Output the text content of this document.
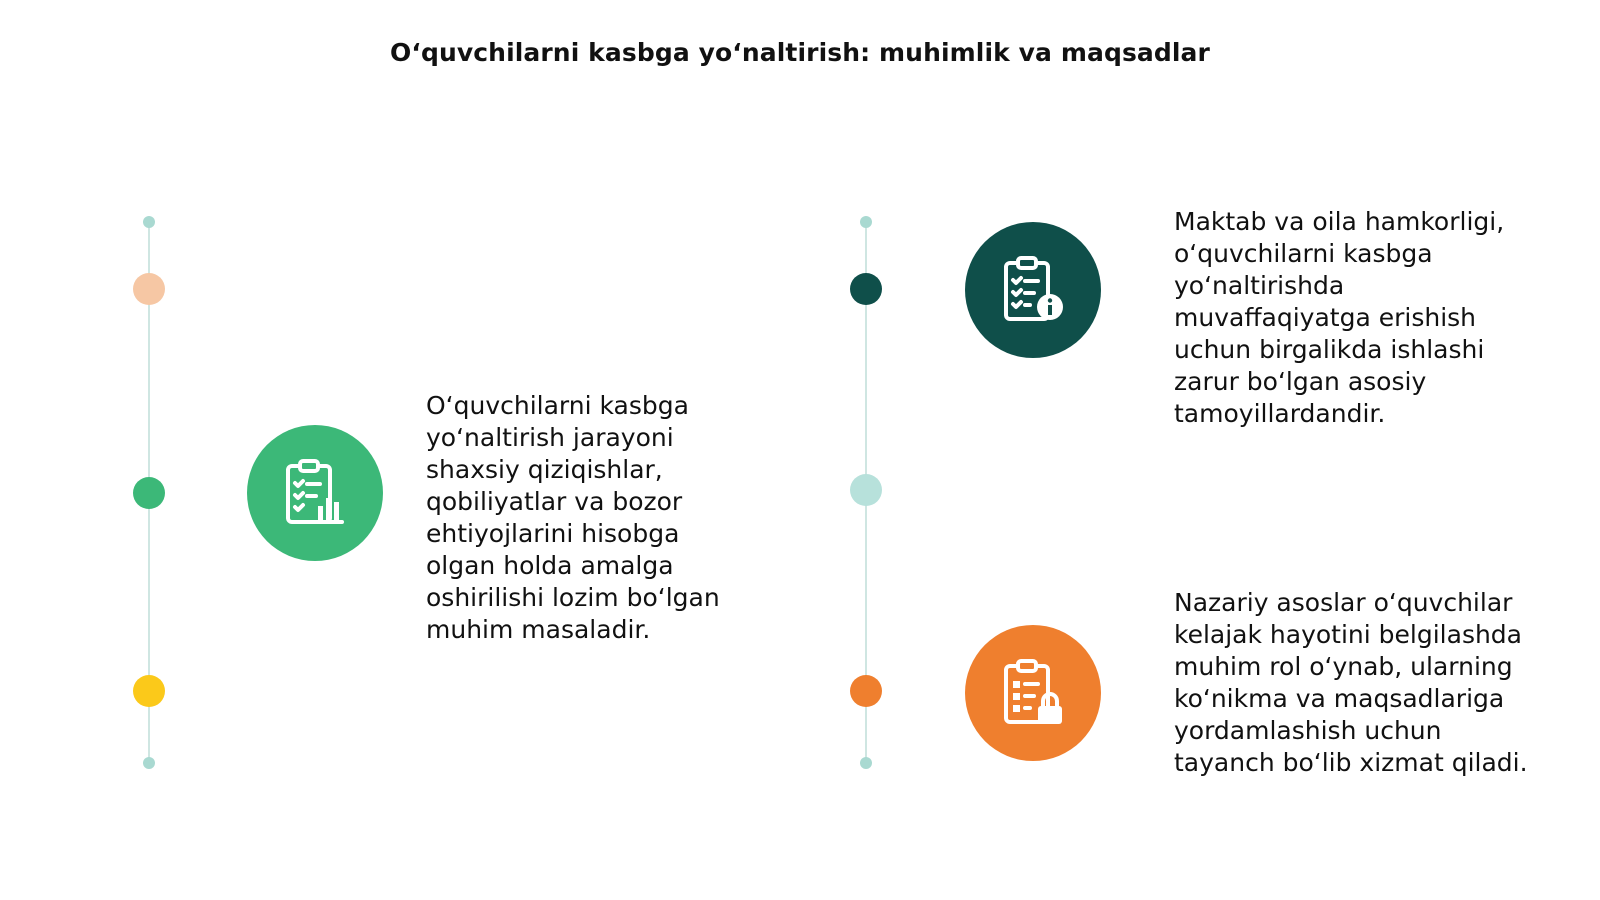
O‘quvchilarni kasbga yo‘naltirish: muhimlik va maqsadlar
O‘quvchilarni kasbga
yo‘naltirish jarayoni
shaxsiy qiziqishlar,
qobiliyatlar va bozor
ehtiyojlarini hisobga
olgan holda amalga
oshirilishi lozim bo‘lgan
muhim masaladir.
Maktab va oila hamkorligi,
o‘quvchilarni kasbga
yo‘naltirishda
muvaffaqiyatga erishish
uchun birgalikda ishlashi
zarur bo‘lgan asosiy
tamoyillardandir.
Nazariy asoslar o‘quvchilar
kelajak hayotini belgilashda
muhim rol o‘ynab, ularning
ko‘nikma va maqsadlariga
yordamlashish uchun
tayanch bo‘lib xizmat qiladi.
